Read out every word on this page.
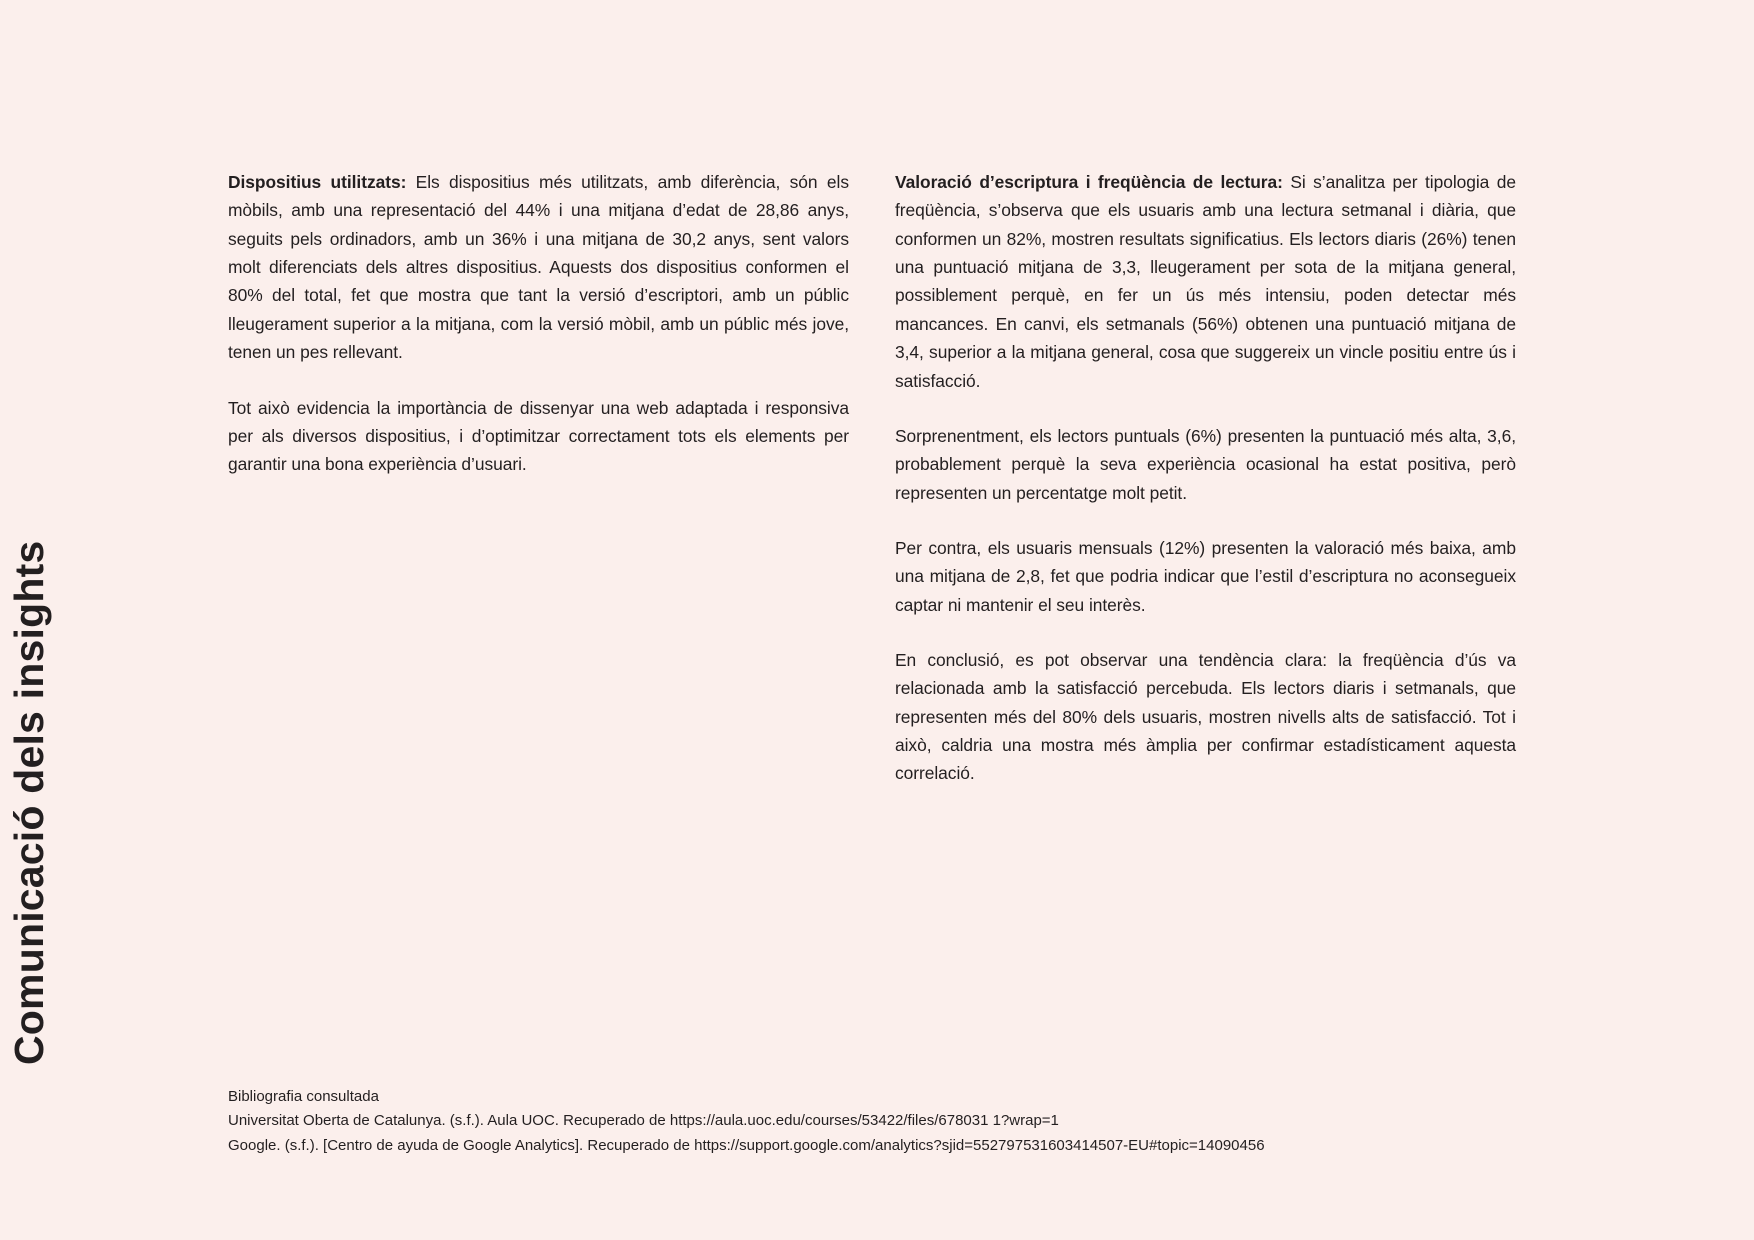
Comunicació dels insights

Dispositius utilitzats: Els dispositius més utilitzats, amb diferència, són els mòbils, amb una representació del 44% i una mitjana d’edat de 28,86 anys, seguits pels ordinadors, amb un 36% i una mitjana de 30,2 anys, sent valors molt diferenciats dels altres dispositius. Aquests dos dispositius conformen el 80% del total, fet que mostra que tant la versió d’escriptori, amb un públic lleugerament superior a la mitjana, com la versió mòbil, amb un públic més jove, tenen un pes rellevant.

Tot això evidencia la importància de dissenyar una web adaptada i responsiva per als diversos dispositius, i d’optimitzar correctament tots els elements per garantir una bona experiència d’usuari.

Valoració d’escriptura i freqüència de lectura: Si s’analitza per tipologia de freqüència, s’observa que els usuaris amb una lectura setmanal i diària, que conformen un 82%, mostren resultats significatius. Els lectors diaris (26%) tenen una puntuació mitjana de 3,3, lleugerament per sota de la mitjana general, possiblement perquè, en fer un ús més intensiu, poden detectar més mancances. En canvi, els setmanals (56%) obtenen una puntuació mitjana de 3,4, superior a la mitjana general, cosa que suggereix un vincle positiu entre ús i satisfacció.

Sorprenentment, els lectors puntuals (6%) presenten la puntuació més alta, 3,6, probablement perquè la seva experiència ocasional ha estat positiva, però representen un percentatge molt petit.

Per contra, els usuaris mensuals (12%) presenten la valoració més baixa, amb una mitjana de 2,8, fet que podria indicar que l’estil d’escriptura no aconsegueix captar ni mantenir el seu interès.

En conclusió, es pot observar una tendència clara: la freqüència d’ús va relacionada amb la satisfacció percebuda. Els lectors diaris i setmanals, que representen més del 80% dels usuaris, mostren nivells alts de satisfacció. Tot i això, caldria una mostra més àmplia per confirmar estadísticament aquesta correlació.

Bibliografia consultada
Universitat Oberta de Catalunya. (s.f.). Aula UOC. Recuperado de https://aula.uoc.edu/courses/53422/files/678031 1?wrap=1
Google. (s.f.). [Centro de ayuda de Google Analytics]. Recuperado de https://support.google.com/analytics?sjid=552797531603414507-EU#topic=14090456
